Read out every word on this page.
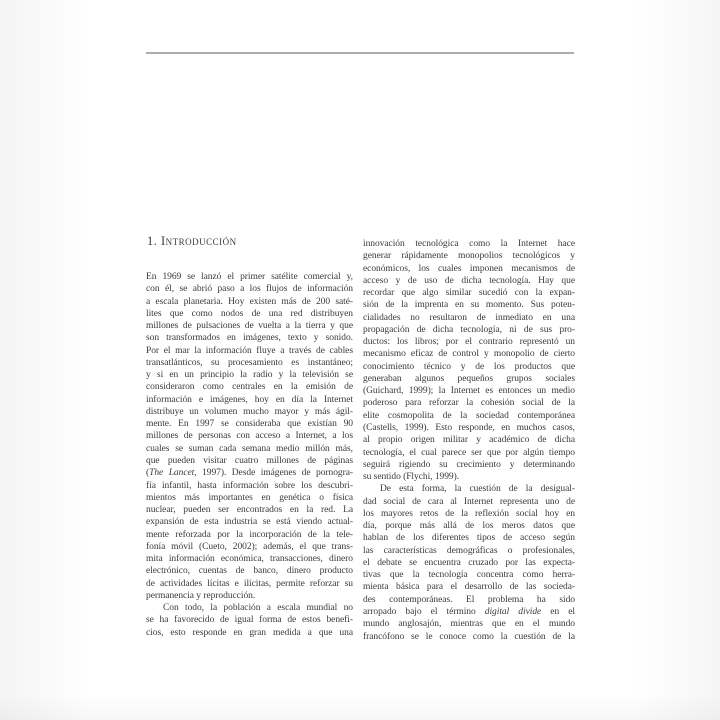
1. Introducción
En 1969 se lanzó el primer satélite comercial y,
con él, se abrió paso a los flujos de información
a escala planetaria. Hoy existen más de 200 saté-
lites que como nodos de una red distribuyen
millones de pulsaciones de vuelta a la tierra y que
son transformados en imágenes, texto y sonido.
Por el mar la información fluye a través de cables
transatlánticos, su procesamiento es instantáneo;
y si en un principio la radio y la televisión se
consideraron como centrales en la emisión de
información e imágenes, hoy en día la Internet
distribuye un volumen mucho mayor y más ágil-
mente. En 1997 se consideraba que existían 90
millones de personas con acceso a Internet, a los
cuales se suman cada semana medio millón más,
que pueden visitar cuatro millones de páginas
(The Lancet, 1997). Desde imágenes de pornogra-
fía infantil, hasta información sobre los descubri-
mientos más importantes en genética o física
nuclear, pueden ser encontrados en la red. La
expansión de esta industria se está viendo actual-
mente reforzada por la incorporación de la tele-
fonía móvil (Cueto, 2002); además, el que trans-
mita información económica, transacciones, dinero
electrónico, cuentas de banco, dinero producto
de actividades lícitas e ilícitas, permite reforzar su
permanencia y reproducción.
Con todo, la población a escala mundial no
se ha favorecido de igual forma de estos benefi-
cios, esto responde en gran medida a que una
innovación tecnológica como la Internet hace
generar rápidamente monopolios tecnológicos y
económicos, los cuales imponen mecanismos de
acceso y de uso de dicha tecnología. Hay que
recordar que algo similar sucedió con la expan-
sión de la imprenta en su momento. Sus poten-
cialidades no resultaron de inmediato en una
propagación de dicha tecnología, ni de sus pro-
ductos: los libros; por el contrario representó un
mecanismo eficaz de control y monopolio de cierto
conocimiento técnico y de los productos que
generaban algunos pequeños grupos sociales
(Guichard, 1999); la Internet es entonces un medio
poderoso para reforzar la cohesión social de la
elite cosmopolita de la sociedad contemporánea
(Castells, 1999). Esto responde, en muchos casos,
al propio origen militar y académico de dicha
tecnología, el cual parece ser que por algún tiempo
seguirá rigiendo su crecimiento y determinando
su sentido (Flychi, 1999).
De esta forma, la cuestión de la desigual-
dad social de cara al Internet representa uno de
los mayores retos de la reflexión social hoy en
día, porque más allá de los meros datos que
hablan de los diferentes tipos de acceso según
las características demográficas o profesionales,
el debate se encuentra cruzado por las expecta-
tivas que la tecnología concentra como herra-
mienta básica para el desarrollo de las socieda-
des contemporáneas. El problema ha sido
arropado bajo el término digital divide en el
mundo anglosajón, mientras que en el mundo
francófono se le conoce como la cuestión de la
